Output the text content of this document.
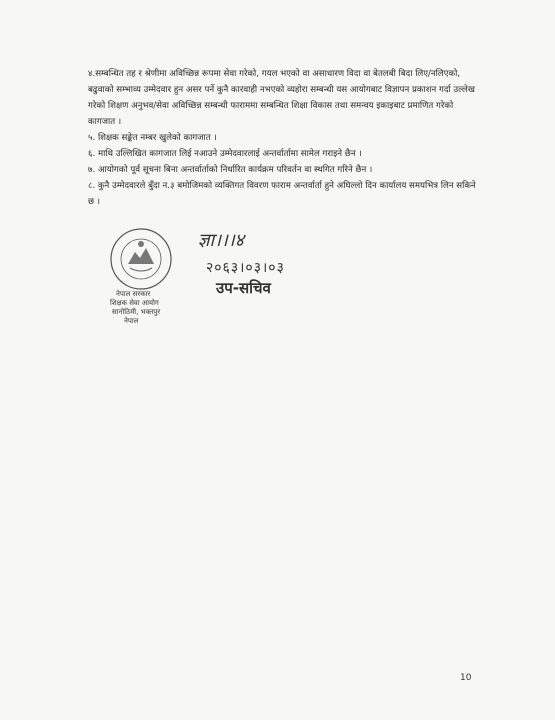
४.सम्बन्धित तह र श्रेणीमा अविच्छिन्न रूपमा सेवा गरेको, गयल भएको वा असाधारण विदा वा बेतलबी बिदा लिए/नलिएको, बढुवाको सम्भाव्य उम्मेदवार हुन असर पर्ने कुनै कारवाही नभएको व्यहोरा सम्बन्धी यस आयोगबाट विज्ञापन प्रकाशन गर्दा उल्लेख गरेको शिक्षण अनुभव/सेवा अविच्छिन्न सम्बन्धी फाराममा सम्बन्धित शिक्षा विकास तथा समन्वय इकाइबाट प्रमाणित गरेको कागजात ।
५. शिक्षक सङ्केत नम्बर खुलेको कागजात ।
६. माथि उल्लिखित कागजात लिई नआउने उम्मेदवारलाई अन्तर्वार्तामा सामेल गराइने छैन ।
७. आयोगको पूर्व सूचना बिना अन्तर्वार्ताको निर्धारित कार्यक्रम परिवर्तन वा स्थगित गरिने छैन ।
८. कुनै उम्मेदवारले बुँदा न.३ बमोजिमको व्यक्तिगत विवरण फाराम अन्तर्वार्ता हुने अघिल्लो दिन कार्यालय समयभित्र लिन सकिने छ ।
नेपाल सरकार
शिक्षक सेवा आयोग
सानोठिमी, भक्तपुर
नेपाल
ज्ञा।।।४
२०६३।०३।०३
उप-सचिव
10
